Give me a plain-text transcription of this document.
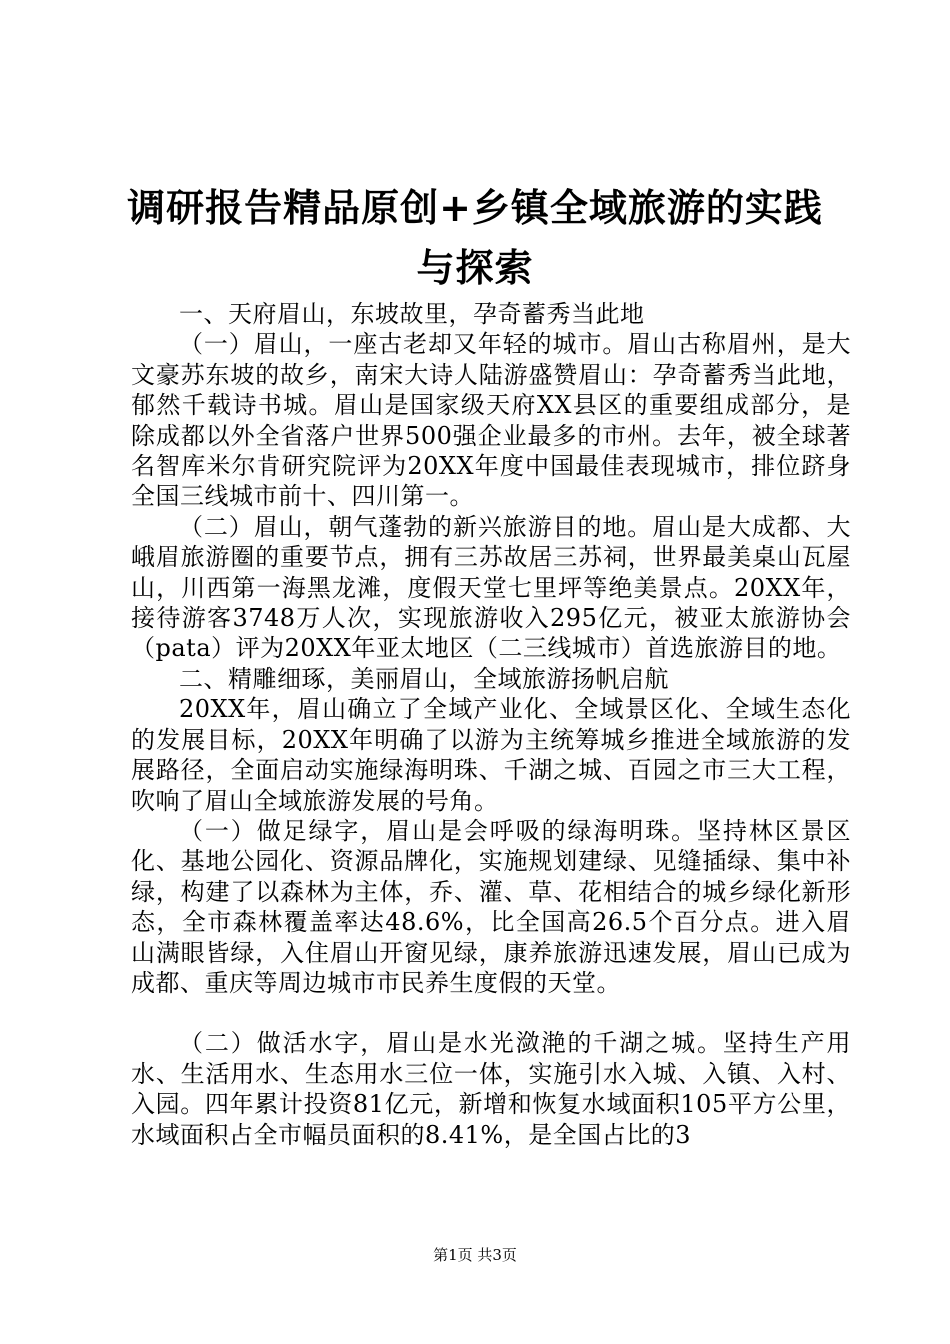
调研报告精品原创+乡镇全域旅游的实践与探索

一、天府眉山，东坡故里，孕奇蓄秀当此地

（一）眉山，一座古老却又年轻的城市。眉山古称眉州，是大文豪苏东坡的故乡，南宋大诗人陆游盛赞眉山：孕奇蓄秀当此地，郁然千载诗书城。眉山是国家级天府XX县区的重要组成部分，是除成都以外全省落户世界500强企业最多的市州。去年，被全球著名智库米尔肯研究院评为20XX年度中国最佳表现城市，排位跻身全国三线城市前十、四川第一。

（二）眉山，朝气蓬勃的新兴旅游目的地。眉山是大成都、大峨眉旅游圈的重要节点，拥有三苏故居三苏祠，世界最美桌山瓦屋山，川西第一海黑龙滩，度假天堂七里坪等绝美景点。20XX年，接待游客3748万人次，实现旅游收入295亿元，被亚太旅游协会（pata）评为20XX年亚太地区（二三线城市）首选旅游目的地。

二、精雕细琢，美丽眉山，全域旅游扬帆启航

20XX年，眉山确立了全域产业化、全域景区化、全域生态化的发展目标，20XX年明确了以游为主统筹城乡推进全域旅游的发展路径，全面启动实施绿海明珠、千湖之城、百园之市三大工程，吹响了眉山全域旅游发展的号角。

（一）做足绿字，眉山是会呼吸的绿海明珠。坚持林区景区化、基地公园化、资源品牌化，实施规划建绿、见缝插绿、集中补绿，构建了以森林为主体，乔、灌、草、花相结合的城乡绿化新形态，全市森林覆盖率达48.6%，比全国高26.5个百分点。进入眉山满眼皆绿，入住眉山开窗见绿，康养旅游迅速发展，眉山已成为成都、重庆等周边城市市民养生度假的天堂。

（二）做活水字，眉山是水光潋滟的千湖之城。坚持生产用水、生活用水、生态用水三位一体，实施引水入城、入镇、入村、入园。四年累计投资81亿元，新增和恢复水域面积105平方公里，水域面积占全市幅员面积的8.41%，是全国占比的3

第1页 共3页
